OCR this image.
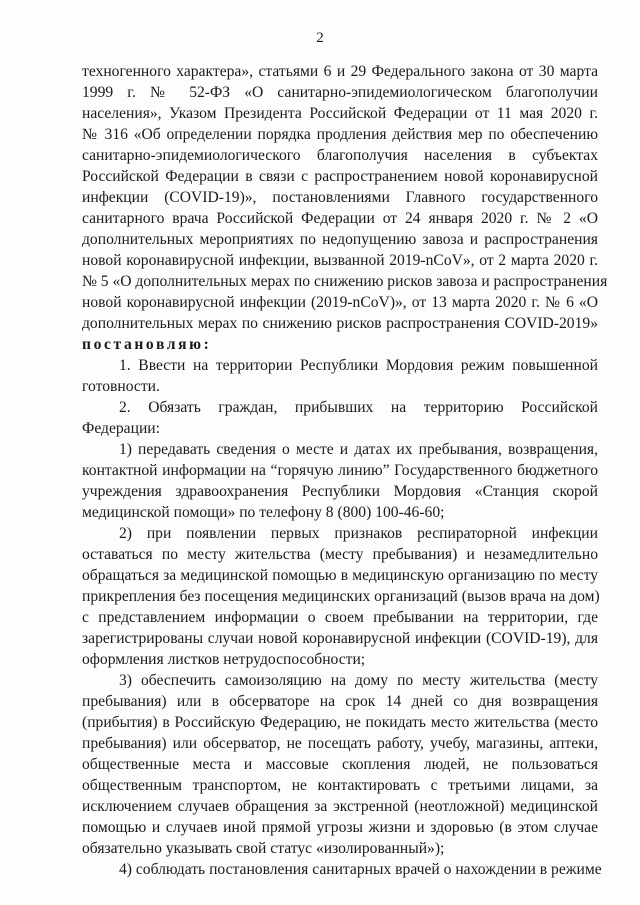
2
техногенного характера», статьями 6 и 29 Федерального закона от 30 марта
1999 г. № 52-ФЗ «О санитарно-эпидемиологическом благополучии
населения», Указом Президента Российской Федерации от 11 мая 2020 г.
№ 316 «Об определении порядка продления действия мер по обеспечению
санитарно-эпидемиологического благополучия населения в субъектах
Российской Федерации в связи с распространением новой коронавирусной
инфекции (COVID-19)», постановлениями Главного государственного
санитарного врача Российской Федерации от 24 января 2020 г. № 2 «О
дополнительных мероприятиях по недопущению завоза и распространения
новой коронавирусной инфекции, вызванной 2019-nCoV», от 2 марта 2020 г.
№ 5 «О дополнительных мерах по снижению рисков завоза и распространения
новой коронавирусной инфекции (2019-nCoV)», от 13 марта 2020 г. № 6 «О
дополнительных мерах по снижению рисков распространения COVID-2019»
постановляю:
1. Ввести на территории Республики Мордовия режим повышенной
готовности.
2. Обязать граждан, прибывших на территорию Российской
Федерации:
1) передавать сведения о месте и датах их пребывания, возвращения,
контактной информации на “горячую линию” Государственного бюджетного
учреждения здравоохранения Республики Мордовия «Станция скорой
медицинской помощи» по телефону 8 (800) 100-46-60;
2) при появлении первых признаков респираторной инфекции
оставаться по месту жительства (месту пребывания) и незамедлительно
обращаться за медицинской помощью в медицинскую организацию по месту
прикрепления без посещения медицинских организаций (вызов врача на дом)
с представлением информации о своем пребывании на территории, где
зарегистрированы случаи новой коронавирусной инфекции (COVID-19), для
оформления листков нетрудоспособности;
3) обеспечить самоизоляцию на дому по месту жительства (месту
пребывания) или в обсерваторе на срок 14 дней со дня возвращения
(прибытия) в Российскую Федерацию, не покидать место жительства (место
пребывания) или обсерватор, не посещать работу, учебу, магазины, аптеки,
общественные места и массовые скопления людей, не пользоваться
общественным транспортом, не контактировать с третьими лицами, за
исключением случаев обращения за экстренной (неотложной) медицинской
помощью и случаев иной прямой угрозы жизни и здоровью (в этом случае
обязательно указывать свой статус «изолированный»);
4) соблюдать постановления санитарных врачей о нахождении в режиме
